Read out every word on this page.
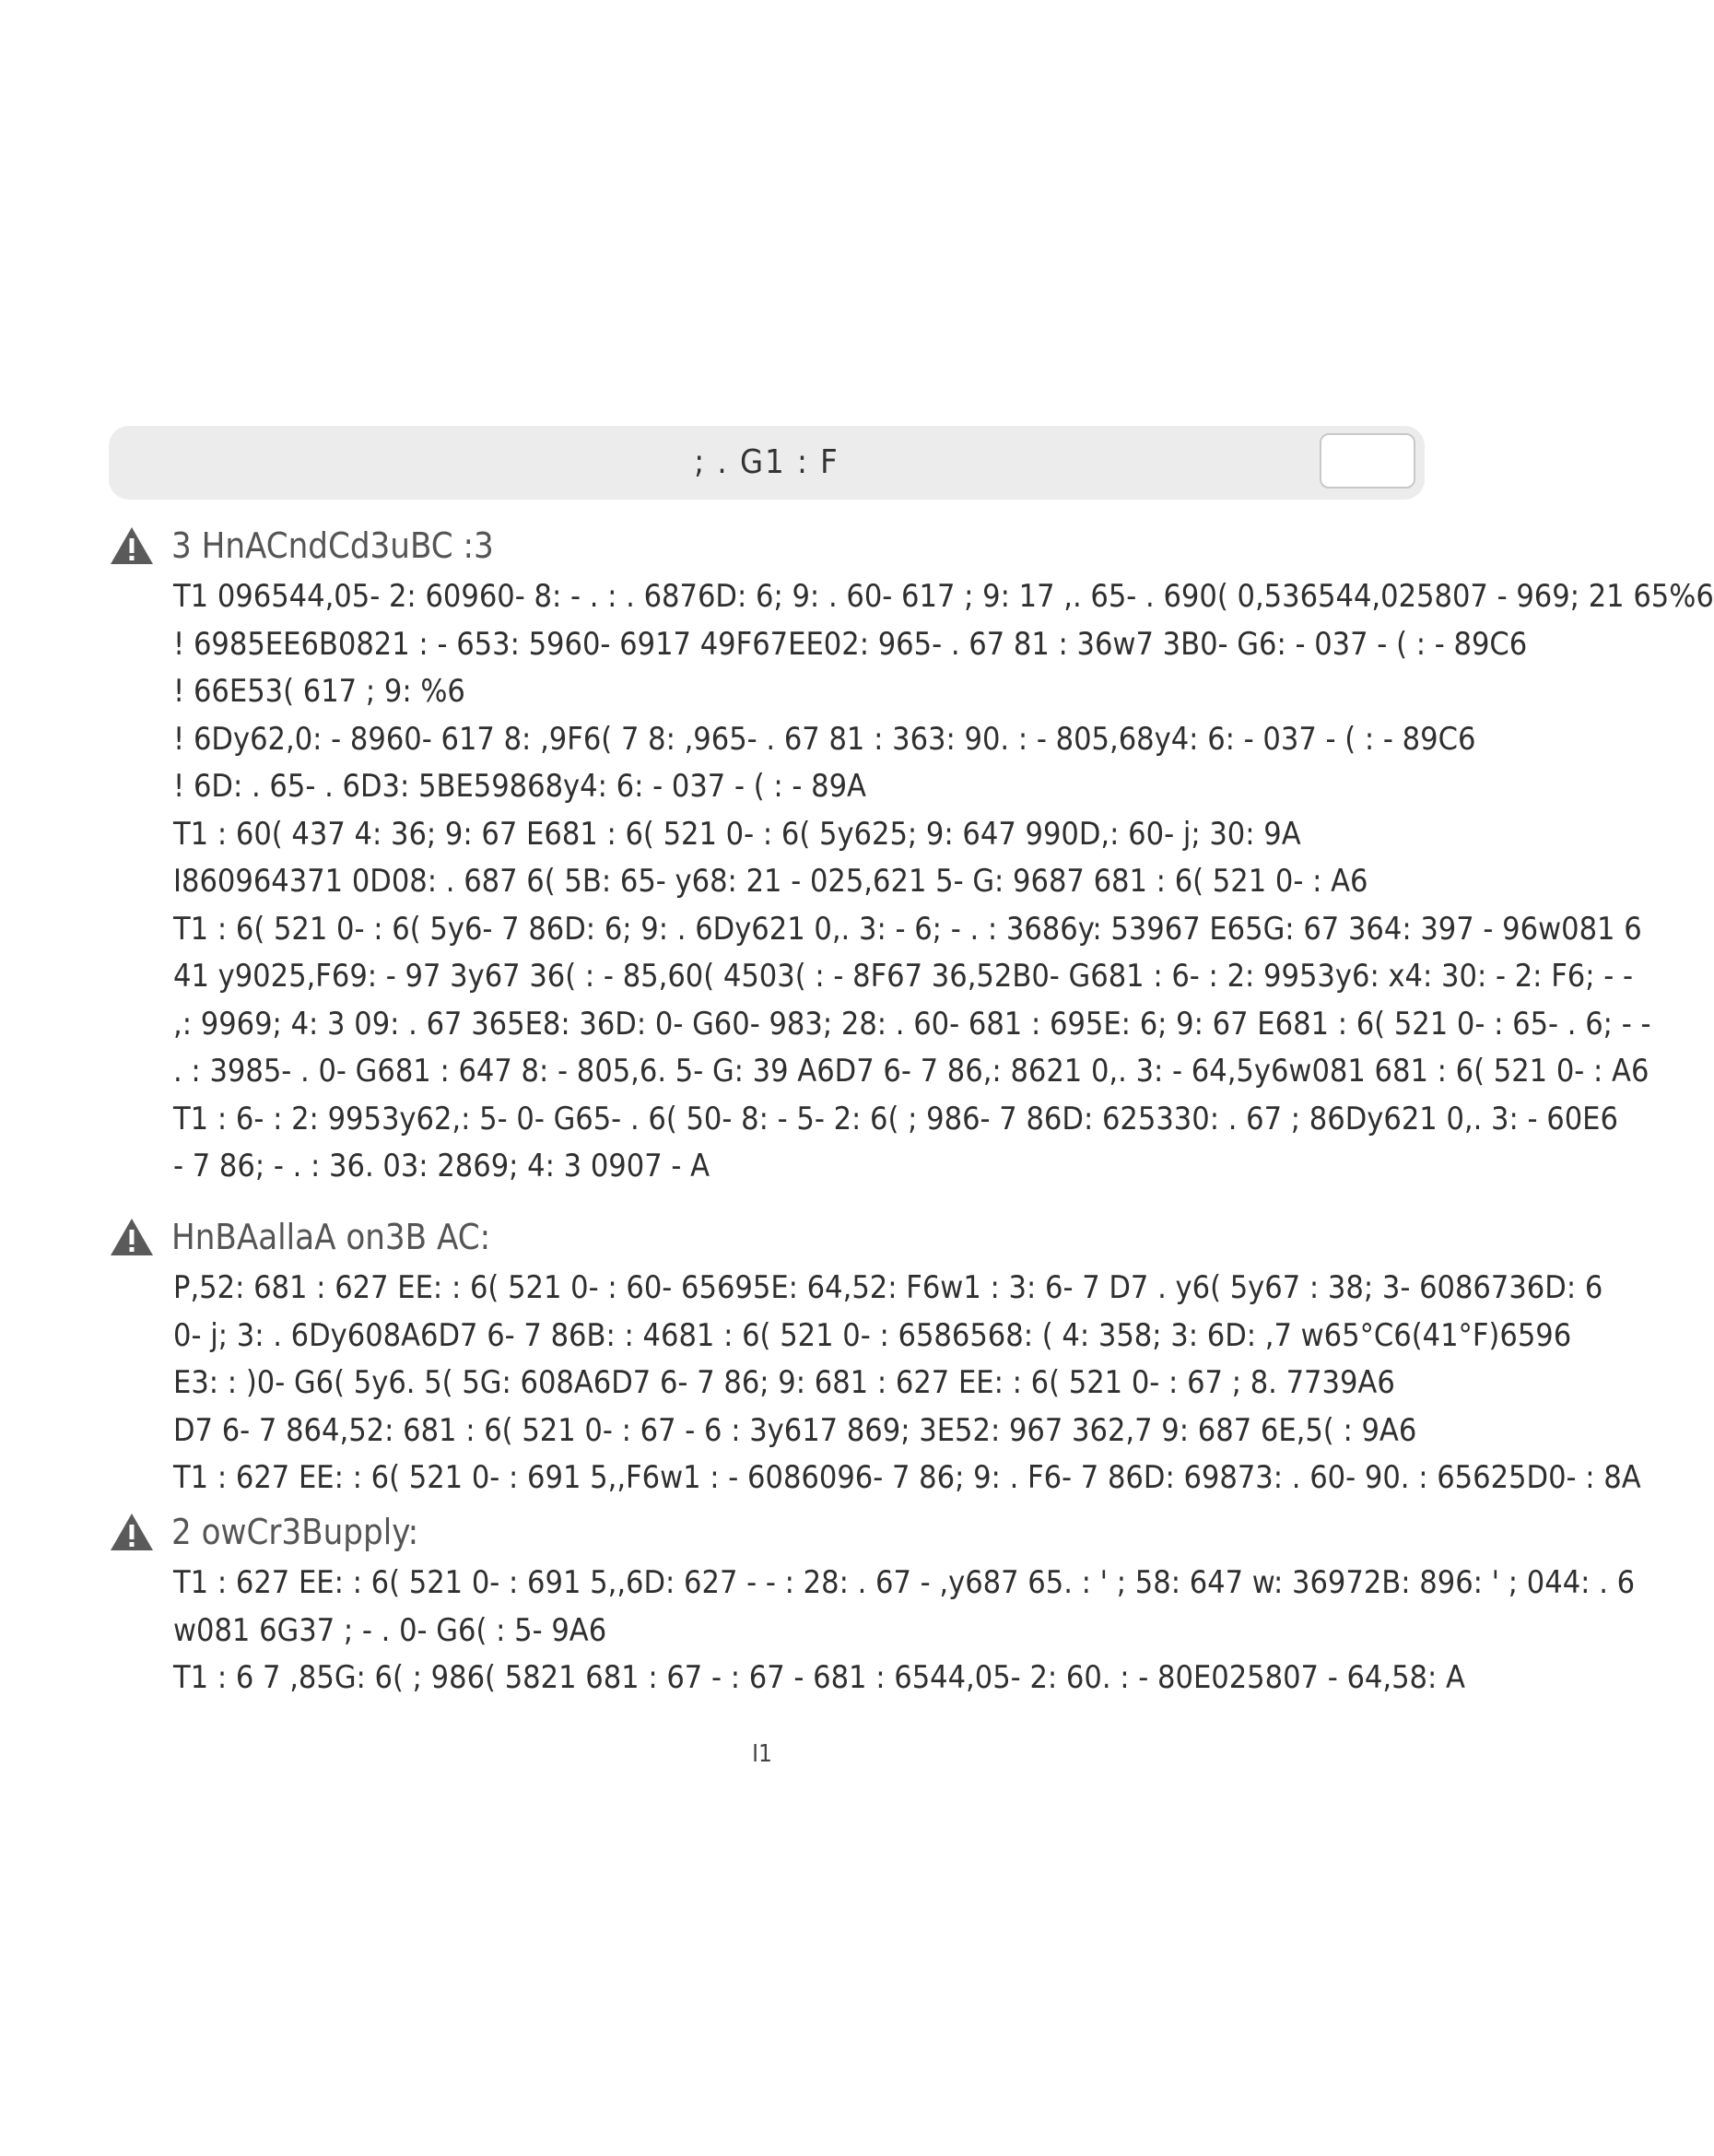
; . G1 : F
3 HnACndCd3uBC :3

T1 096544,05- 2: 60960- 8: - . : . 6876D: 6; 9: . 60- 617 ; 9: 17 ,. 65- . 690( 0,536544,025807 - 969; 21 65%6

! 6985EE6B0821 : - 653: 5960- 6917 49F67EE02: 965- . 67 81 : 36w7 3B0- G6: - 037 - ( : - 89C6

! 66E53( 617 ; 9: %6

! 6Dy62,0: - 8960- 617 8: ,9F6( 7 8: ,965- . 67 81 : 363: 90. : - 805,68y4: 6: - 037 - ( : - 89C6

! 6D: . 65- . 6D3: 5BE59868y4: 6: - 037 - ( : - 89A

T1 : 60( 437 4: 36; 9: 67 E681 : 6( 521 0- : 6( 5y625; 9: 647 990D,: 60- j; 30: 9A

I860964371 0D08: . 687 6( 5B: 65- y68: 21 - 025,621 5- G: 9687 681 : 6( 521 0- : A6

T1 : 6( 521 0- : 6( 5y6- 7 86D: 6; 9: . 6Dy621 0,. 3: - 6; - . : 3686y: 53967 E65G: 67 364: 397 - 96w081 6

41 y9025,F69: - 97 3y67 36( : - 85,60( 4503( : - 8F67 36,52B0- G681 : 6- : 2: 9953y6: x4: 30: - 2: F6; - -

,: 9969; 4: 3 09: . 67 365E8: 36D: 0- G60- 983; 28: . 60- 681 : 695E: 6; 9: 67 E681 : 6( 521 0- : 65- . 6; - -

. : 3985- . 0- G681 : 647 8: - 805,6. 5- G: 39 A6D7 6- 7 86,: 8621 0,. 3: - 64,5y6w081 681 : 6( 521 0- : A6

T1 : 6- : 2: 9953y62,: 5- 0- G65- . 6( 50- 8: - 5- 2: 6( ; 986- 7 86D: 625330: . 67 ; 86Dy621 0,. 3: - 60E6

- 7 86; - . : 36. 03: 2869; 4: 3 0907 - A

HnBAallaA on3B AC:

P,52: 681 : 627 EE: : 6( 521 0- : 60- 65695E: 64,52: F6w1 : 3: 6- 7 D7 . y6( 5y67 : 38; 3- 6086736D: 6

0- j; 3: . 6Dy608A6D7 6- 7 86B: : 4681 : 6( 521 0- : 6586568: ( 4: 358; 3: 6D: ,7 w65°C6(41°F)6596

E3: : )0- G6( 5y6. 5( 5G: 608A6D7 6- 7 86; 9: 681 : 627 EE: : 6( 521 0- : 67 ; 8. 7739A6

D7 6- 7 864,52: 681 : 6( 521 0- : 67 - 6 : 3y617 869; 3E52: 967 362,7 9: 687 6E,5( : 9A6

T1 : 627 EE: : 6( 521 0- : 691 5,,F6w1 : - 6086096- 7 86; 9: . F6- 7 86D: 69873: . 60- 90. : 65625D0- : 8A

2 owCr3Bupply:

T1 : 627 EE: : 6( 521 0- : 691 5,,6D: 627 - - : 28: . 67 - ,y687 65. : ' ; 58: 647 w: 36972B: 896: ' ; 044: . 6

w081 6G37 ; - . 0- G6( : 5- 9A6

T1 : 6 7 ,85G: 6( ; 986( 5821 681 : 67 - : 67 - 681 : 6544,05- 2: 60. : - 80E025807 - 64,58: A

I1
